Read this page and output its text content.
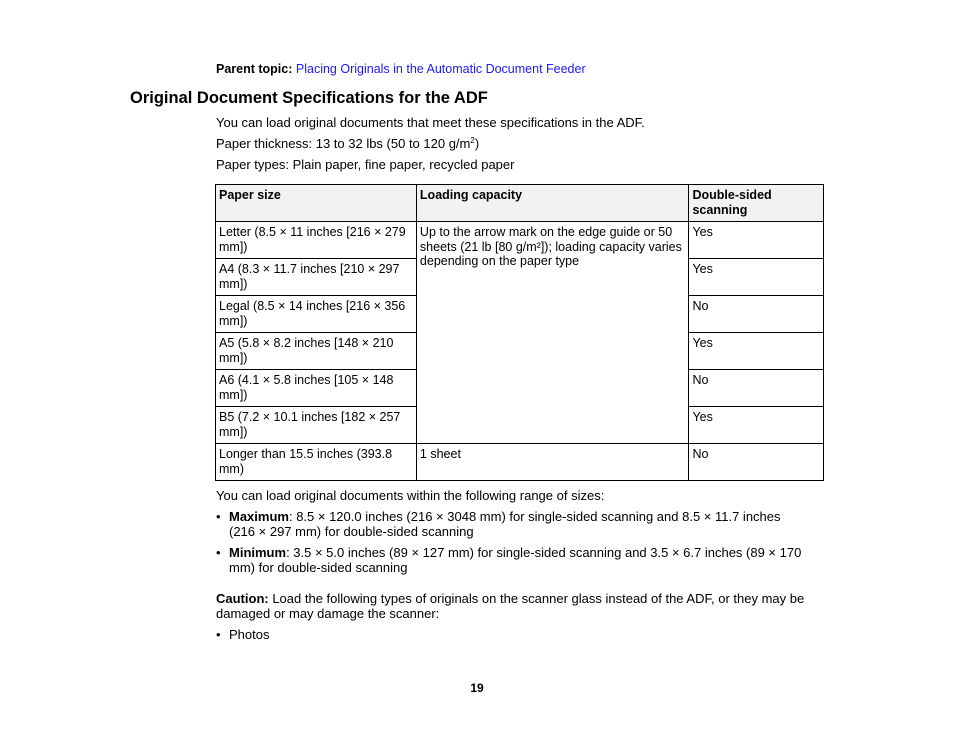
Parent topic: Placing Originals in the Automatic Document Feeder
Original Document Specifications for the ADF

You can load original documents that meet these specifications in the ADF.

Paper thickness: 13 to 32 lbs (50 to 120 $g/m^2$)

Paper types: Plain paper, fine paper, recycled paper

Paper size	Loading capacity	Double-sided scanning
Letter (8.5 × 11 inches [216 × 279 mm])	Up to the arrow mark on the edge guide or 50 sheets (21 lb [80 g/m²]); loading capacity varies depending on the paper type	Yes
A4 (8.3 × 11.7 inches [210 × 297 mm])		Yes
Legal (8.5 × 14 inches [216 × 356 mm])		No
A5 (5.8 × 8.2 inches [148 × 210 mm])		Yes
A6 (4.1 × 5.8 inches [105 × 148 mm])		No
B5 (7.2 × 10.1 inches [182 × 257 mm])		Yes
Longer than 15.5 inches (393.8 mm)	1 sheet	No

You can load original documents within the following range of sizes:

• Maximum: 8.5 × 120.0 inches (216 × 3048 mm) for single-sided scanning and 8.5 × 11.7 inches (216 × 297 mm) for double-sided scanning
• Minimum: 3.5 × 5.0 inches (89 × 127 mm) for single-sided scanning and 3.5 × 6.7 inches (89 × 170 mm) for double-sided scanning

Caution: Load the following types of originals on the scanner glass instead of the ADF, or they may be damaged or may damage the scanner:

• Photos
19
